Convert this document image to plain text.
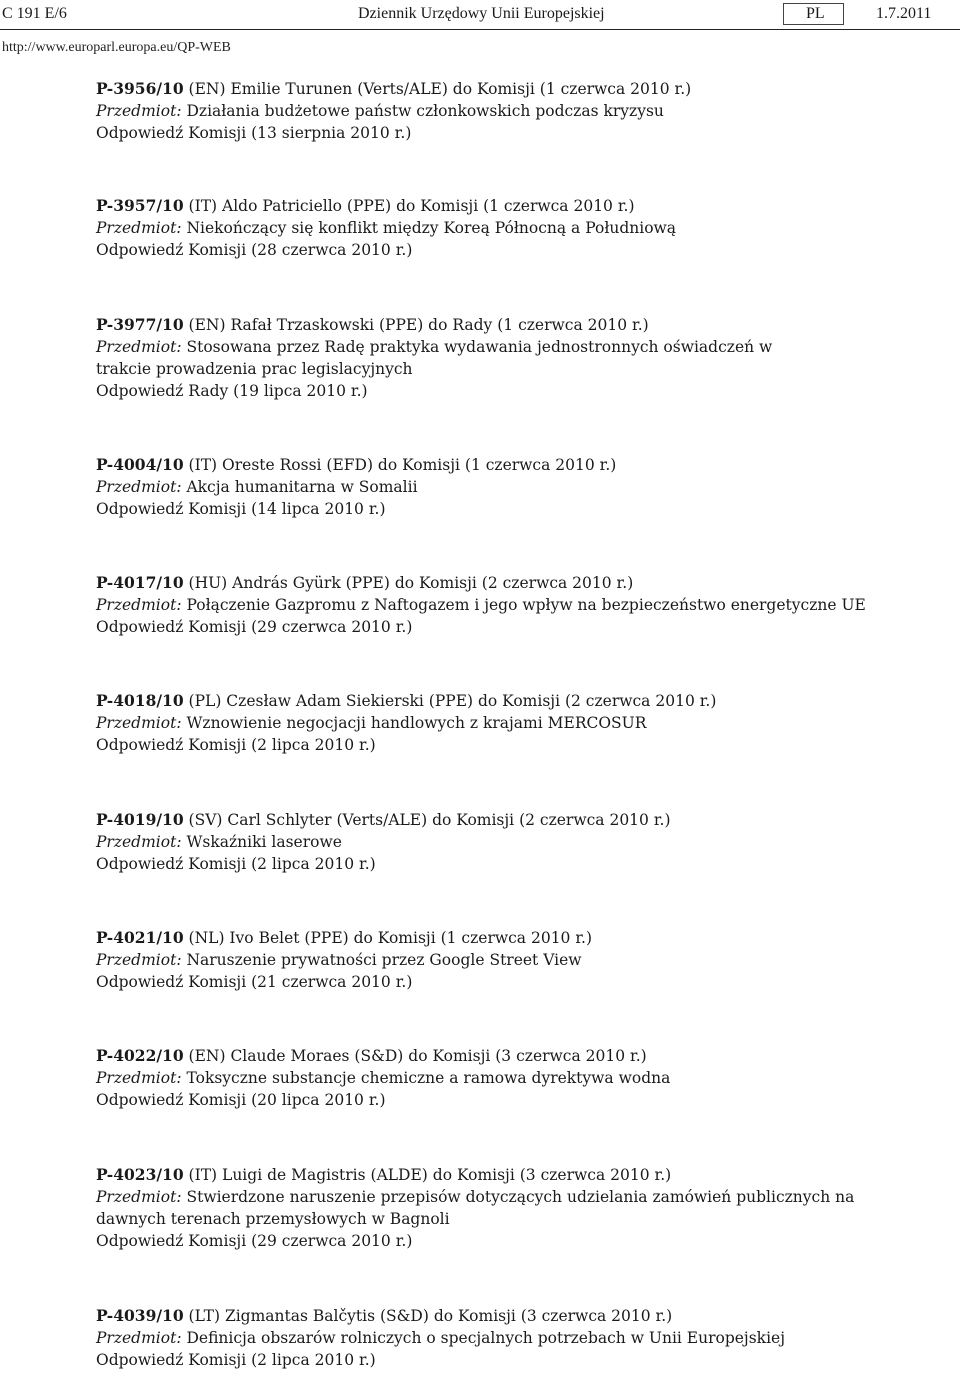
C 191 E/6	Dziennik Urzędowy Unii Europejskiej	PL	1.7.2011
http://www.europarl.europa.eu/QP-WEB
P-3956/10 (EN) Emilie Turunen (Verts/ALE) do Komisji (1 czerwca 2010 r.)
Przedmiot: Działania budżetowe państw członkowskich podczas kryzysu
Odpowiedź Komisji (13 sierpnia 2010 r.)
P-3957/10 (IT) Aldo Patriciello (PPE) do Komisji (1 czerwca 2010 r.)
Przedmiot: Niekończący się konflikt między Koreą Północną a Południową
Odpowiedź Komisji (28 czerwca 2010 r.)
P-3977/10 (EN) Rafał Trzaskowski (PPE) do Rady (1 czerwca 2010 r.)
Przedmiot: Stosowana przez Radę praktyka wydawania jednostronnych oświadczeń w trakcie prowadzenia prac legislacyjnych
Odpowiedź Rady (19 lipca 2010 r.)
P-4004/10 (IT) Oreste Rossi (EFD) do Komisji (1 czerwca 2010 r.)
Przedmiot: Akcja humanitarna w Somalii
Odpowiedź Komisji (14 lipca 2010 r.)
P-4017/10 (HU) András Gyürk (PPE) do Komisji (2 czerwca 2010 r.)
Przedmiot: Połączenie Gazpromu z Naftogazem i jego wpływ na bezpieczeństwo energetyczne UE
Odpowiedź Komisji (29 czerwca 2010 r.)
P-4018/10 (PL) Czesław Adam Siekierski (PPE) do Komisji (2 czerwca 2010 r.)
Przedmiot: Wznowienie negocjacji handlowych z krajami MERCOSUR
Odpowiedź Komisji (2 lipca 2010 r.)
P-4019/10 (SV) Carl Schlyter (Verts/ALE) do Komisji (2 czerwca 2010 r.)
Przedmiot: Wskaźniki laserowe
Odpowiedź Komisji (2 lipca 2010 r.)
P-4021/10 (NL) Ivo Belet (PPE) do Komisji (1 czerwca 2010 r.)
Przedmiot: Naruszenie prywatności przez Google Street View
Odpowiedź Komisji (21 czerwca 2010 r.)
P-4022/10 (EN) Claude Moraes (S&D) do Komisji (3 czerwca 2010 r.)
Przedmiot: Toksyczne substancje chemiczne a ramowa dyrektywa wodna
Odpowiedź Komisji (20 lipca 2010 r.)
P-4023/10 (IT) Luigi de Magistris (ALDE) do Komisji (3 czerwca 2010 r.)
Przedmiot: Stwierdzone naruszenie przepisów dotyczących udzielania zamówień publicznych na dawnych terenach przemysłowych w Bagnoli
Odpowiedź Komisji (29 czerwca 2010 r.)
P-4039/10 (LT) Zigmantas Balčytis (S&D) do Komisji (3 czerwca 2010 r.)
Przedmiot: Definicja obszarów rolniczych o specjalnych potrzebach w Unii Europejskiej
Odpowiedź Komisji (2 lipca 2010 r.)
